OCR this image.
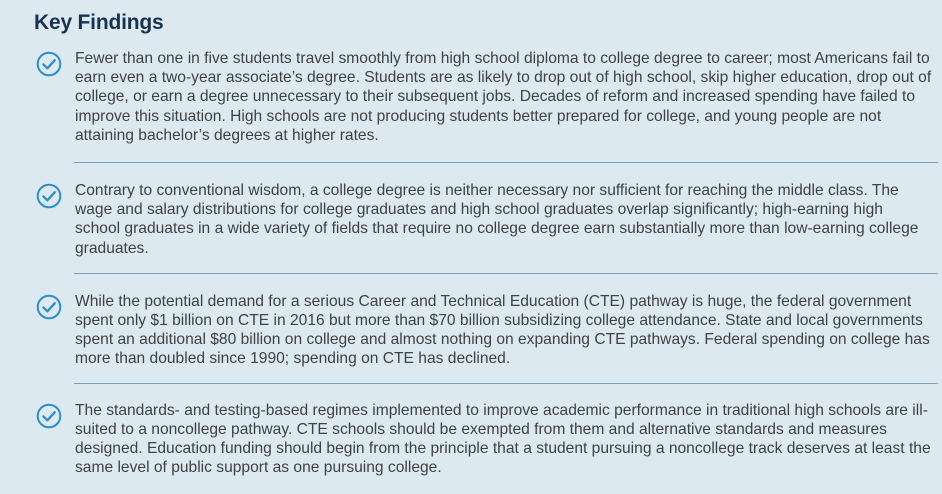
Key Findings

Fewer than one in five students travel smoothly from high school diploma to college degree to career; most Americans fail to earn even a two-year associate’s degree. Students are as likely to drop out of high school, skip higher education, drop out of college, or earn a degree unnecessary to their subsequent jobs. Decades of reform and increased spending have failed to improve this situation. High schools are not producing students better prepared for college, and young people are not attaining bachelor’s degrees at higher rates.

Contrary to conventional wisdom, a college degree is neither necessary nor sufficient for reaching the middle class. The wage and salary distributions for college graduates and high school graduates overlap significantly; high-earning high school graduates in a wide variety of fields that require no college degree earn substantially more than low-earning college graduates.

While the potential demand for a serious Career and Technical Education (CTE) pathway is huge, the federal government spent only $1 billion on CTE in 2016 but more than $70 billion subsidizing college attendance. State and local governments spent an additional $80 billion on college and almost nothing on expanding CTE pathways. Federal spending on college has more than doubled since 1990; spending on CTE has declined.

The standards- and testing-based regimes implemented to improve academic performance in traditional high schools are ill-suited to a noncollege pathway. CTE schools should be exempted from them and alternative standards and measures designed. Education funding should begin from the principle that a student pursuing a noncollege track deserves at least the same level of public support as one pursuing college.
